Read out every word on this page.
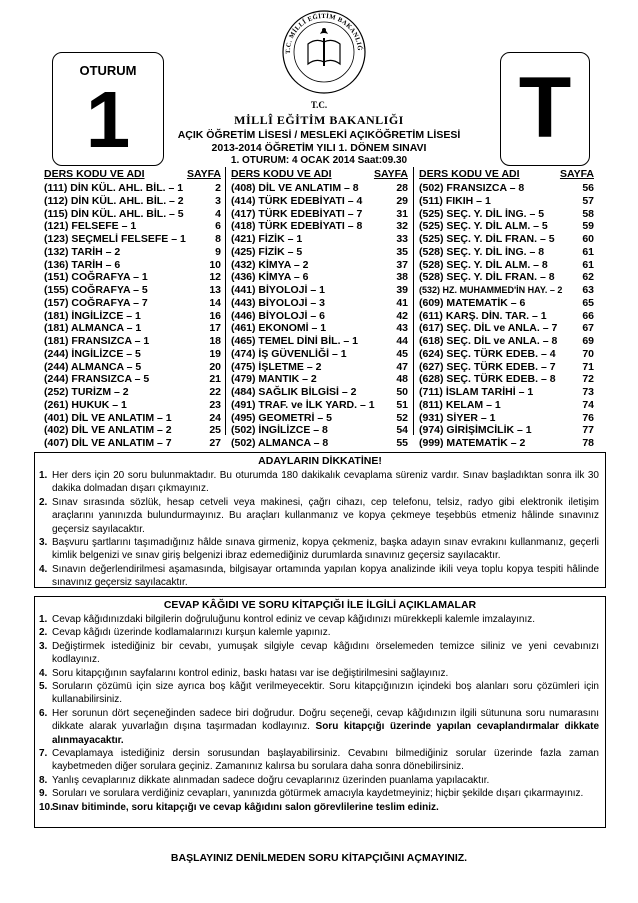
OTURUM
1
T.C. MİLLÎ EĞİTİM BAKANLIĞ
T.C.
MİLLÎ EĞİTİM BAKANLIĞI
AÇIK ÖĞRETİM LİSESİ / MESLEKİ AÇIKÖĞRETİM LİSESİ
2013-2014 ÖĞRETİM YILI 1. DÖNEM SINAVI
1. OTURUM: 4 OCAK 2014 Saat:09.30
T
DERS KODU VE ADI	SAYFA
(111) DİN KÜL. AHL. BİL. – 1	2
(112) DİN KÜL. AHL. BİL. – 2	3
(115) DİN KÜL. AHL. BİL. – 5	4
(121) FELSEFE – 1	6
(123) SEÇMELİ FELSEFE – 1	8
(132) TARİH – 2	9
(136) TARİH – 6	10
(151) COĞRAFYA – 1	12
(155) COĞRAFYA – 5	13
(157) COĞRAFYA – 7	14
(181) İNGİLİZCE – 1	16
(181) ALMANCA – 1	17
(181) FRANSIZCA – 1	18
(244) İNGİLİZCE – 5	19
(244) ALMANCA – 5	20
(244) FRANSIZCA – 5	21
(252) TURİZM – 2	22
(261) HUKUK – 1	23
(401) DİL VE ANLATIM – 1	24
(402) DİL VE ANLATIM – 2	25
(407) DİL VE ANLATIM – 7	27
DERS KODU VE ADI	SAYFA
(408) DİL VE ANLATIM – 8	28
(414) TÜRK EDEBİYATI – 4	29
(417) TÜRK EDEBİYATI – 7	31
(418) TÜRK EDEBİYATI – 8	32
(421) FİZİK – 1	33
(425) FİZİK – 5	35
(432) KİMYA – 2	37
(436) KİMYA – 6	38
(441) BİYOLOJİ – 1	39
(443) BİYOLOJİ – 3	41
(446) BİYOLOJİ – 6	42
(461) EKONOMİ – 1	43
(465) TEMEL DİNİ BİL. – 1	44
(474) İŞ GÜVENLİĞİ – 1	45
(475) İŞLETME – 2	47
(479) MANTIK – 2	48
(484) SAĞLIK BİLGİSİ – 2	50
(491) TRAF. ve İLK YARD. – 1	51
(495) GEOMETRİ – 5	52
(502) İNGİLİZCE – 8	54
(502) ALMANCA – 8	55
DERS KODU VE ADI	SAYFA
(502) FRANSIZCA – 8	56
(511) FIKIH – 1	57
(525) SEÇ. Y. DİL İNG. – 5	58
(525) SEÇ. Y. DİL ALM. – 5	59
(525) SEÇ. Y. DİL FRAN. – 5	60
(528) SEÇ. Y. DİL İNG. – 8	61
(528) SEÇ. Y. DİL ALM. – 8	61
(528) SEÇ. Y. DİL FRAN. – 8	62
(532) HZ. MUHAMMED'İN HAY. – 2	63
(609) MATEMATİK – 6	65
(611) KARŞ. DİN. TAR. – 1	66
(617) SEÇ. DİL ve ANLA. – 7	67
(618) SEÇ. DİL ve ANLA. – 8	69
(624) SEÇ. TÜRK EDEB. – 4	70
(627) SEÇ. TÜRK EDEB. – 7	71
(628) SEÇ. TÜRK EDEB. – 8	72
(711) İSLAM TARİHİ – 1	73
(811) KELAM – 1	74
(931) SİYER – 1	76
(974) GİRİŞİMCİLİK – 1	77
(999) MATEMATİK – 2	78
ADAYLARIN DİKKATİNE!
1. Her ders için 20 soru bulunmaktadır. Bu oturumda 180 dakikalık cevaplama süreniz vardır. Sınav başladıktan sonra ilk 30 dakika dolmadan dışarı çıkmayınız.
2. Sınav sırasında sözlük, hesap cetveli veya makinesi, çağrı cihazı, cep telefonu, telsiz, radyo gibi elektronik iletişim araçlarını yanınızda bulundurmayınız. Bu araçları kullanmanız ve kopya çekmeye teşebbüs etmeniz hâlinde sınavınız geçersiz sayılacaktır.
3. Başvuru şartlarını taşımadığınız hâlde sınava girmeniz, kopya çekmeniz, başka adayın sınav evrakını kullanmanız, geçerli kimlik belgenizi ve sınav giriş belgenizi ibraz edemediğiniz durumlarda sınavınız geçersiz sayılacaktır.
4. Sınavın değerlendirilmesi aşamasında, bilgisayar ortamında yapılan kopya analizinde ikili veya toplu kopya tespiti hâlinde sınavınız geçersiz sayılacaktır.
CEVAP KÂĞIDI VE SORU KİTAPÇIĞI İLE İLGİLİ AÇIKLAMALAR
1. Cevap kâğıdınızdaki bilgilerin doğruluğunu kontrol ediniz ve cevap kâğıdınızı mürekkepli kalemle imzalayınız.
2. Cevap kâğıdı üzerinde kodlamalarınızı kurşun kalemle yapınız.
3. Değiştirmek istediğiniz bir cevabı, yumuşak silgiyle cevap kâğıdını örselemeden temizce siliniz ve yeni cevabınızı kodlayınız.
4. Soru kitapçığının sayfalarını kontrol ediniz, baskı hatası var ise değiştirilmesini sağlayınız.
5. Soruların çözümü için size ayrıca boş kâğıt verilmeyecektir. Soru kitapçığınızın içindeki boş alanları soru çözümleri için kullanabilirsiniz.
6. Her sorunun dört seçeneğinden sadece biri doğrudur. Doğru seçeneği, cevap kâğıdınızın ilgili sütununa soru numarasını dikkate alarak yuvarlağın dışına taşırmadan kodlayınız. Soru kitapçığı üzerinde yapılan cevaplandırmalar dikkate alınmayacaktır.
7. Cevaplamaya istediğiniz dersin sorusundan başlayabilirsiniz. Cevabını bilmediğiniz sorular üzerinde fazla zaman kaybetmeden diğer sorulara geçiniz. Zamanınız kalırsa bu sorulara daha sonra dönebilirsiniz.
8. Yanlış cevaplarınız dikkate alınmadan sadece doğru cevaplarınız üzerinden puanlama yapılacaktır.
9. Soruları ve sorulara verdiğiniz cevapları, yanınızda götürmek amacıyla kaydetmeyiniz; hiçbir şekilde dışarı çıkarmayınız.
10. Sınav bitiminde, soru kitapçığı ve cevap kâğıdını salon görevlilerine teslim ediniz.
BAŞLAYINIZ DENİLMEDEN SORU KİTAPÇIĞINI AÇMAYINIZ.
